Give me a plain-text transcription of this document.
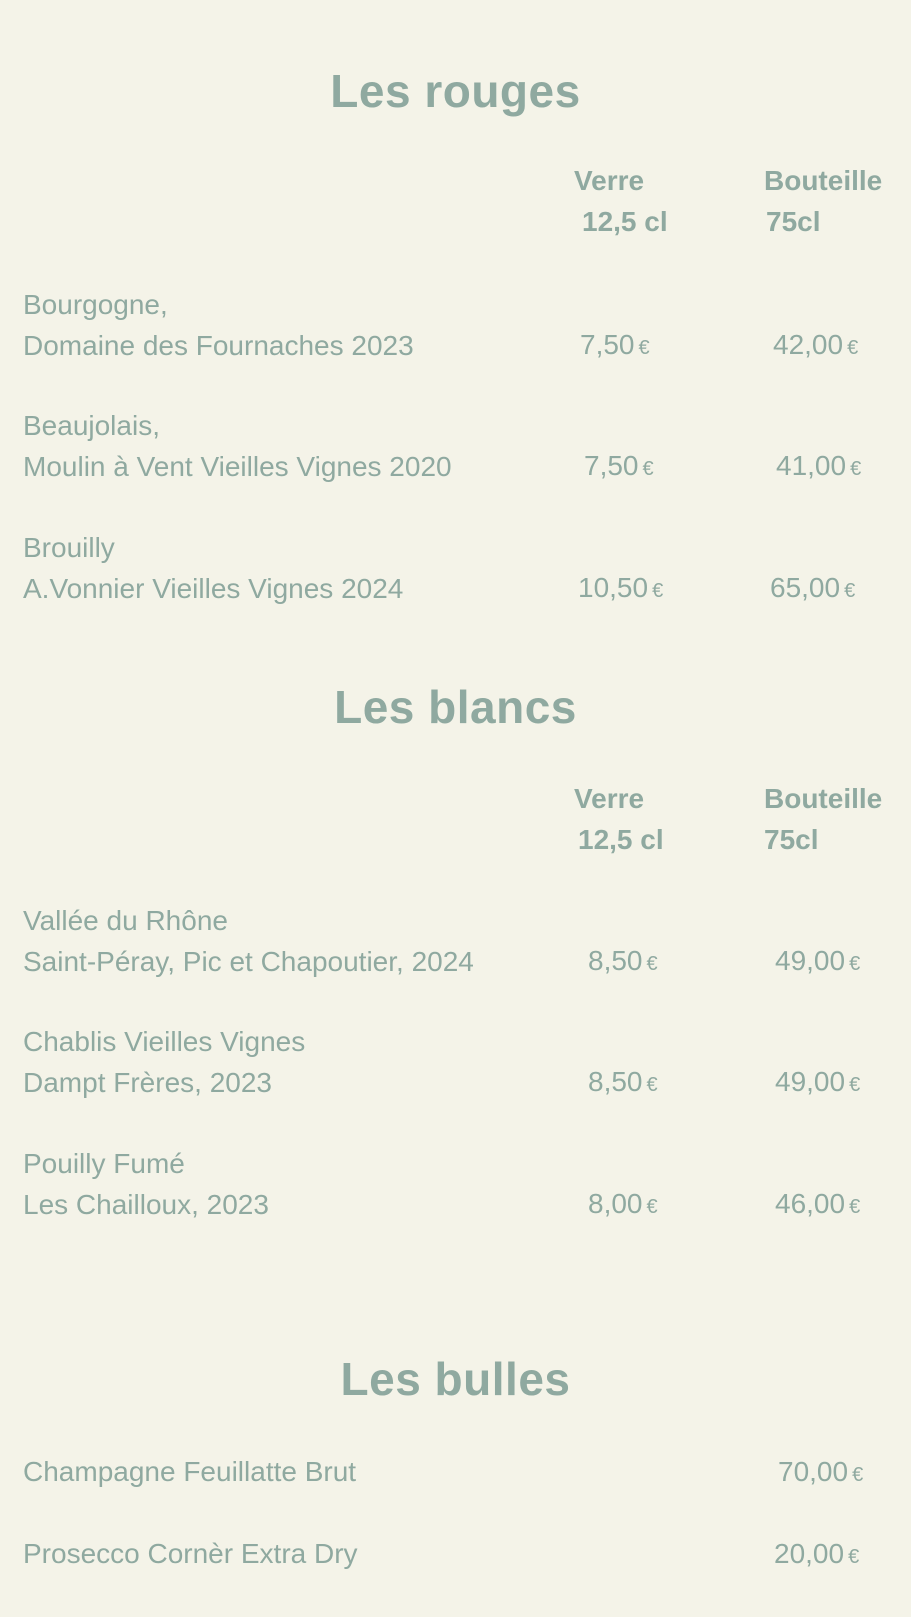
Les rouges
Verre
12,5 cl
Bouteille
75cl
Bourgogne,
Domaine des Fournaches 2023	7,50 €	42,00 €
Beaujolais,
Moulin à Vent Vieilles Vignes 2020	7,50 €	41,00 €
Brouilly
A.Vonnier Vieilles Vignes 2024	10,50 €	65,00 €
Les blancs
Verre
12,5 cl
Bouteille
75cl
Vallée du Rhône
Saint-Péray, Pic et Chapoutier, 2024	8,50 €	49,00 €
Chablis Vieilles Vignes
Dampt Frères, 2023	8,50 €	49,00 €
Pouilly Fumé
Les Chailloux, 2023	8,00 €	46,00 €
Les bulles
Champagne Feuillatte Brut	70,00 €
Prosecco Cornèr Extra Dry	20,00 €
